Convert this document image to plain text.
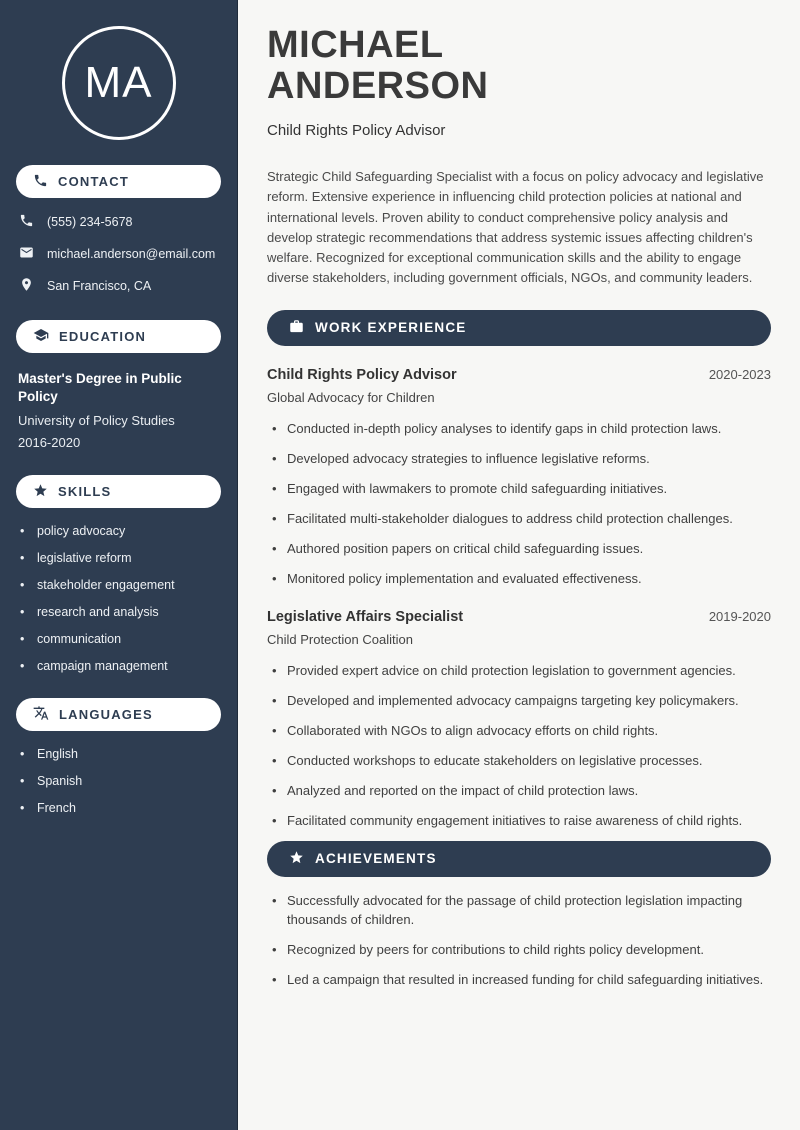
MA
CONTACT
(555) 234-5678
michael.anderson@email.com
San Francisco, CA
EDUCATION
Master's Degree in Public Policy
University of Policy Studies
2016-2020
SKILLS
• policy advocacy
• legislative reform
• stakeholder engagement
• research and analysis
• communication
• campaign management
LANGUAGES
• English
• Spanish
• French
MICHAEL
ANDERSON
Child Rights Policy Advisor

Strategic Child Safeguarding Specialist with a focus on policy advocacy and legislative reform. Extensive experience in influencing child protection policies at national and international levels. Proven ability to conduct comprehensive policy analysis and develop strategic recommendations that address systemic issues affecting children's welfare. Recognized for exceptional communication skills and the ability to engage diverse stakeholders, including government officials, NGOs, and community leaders.

WORK EXPERIENCE
Child Rights Policy Advisor	2020-2023
Global Advocacy for Children
• Conducted in-depth policy analyses to identify gaps in child protection laws.
• Developed advocacy strategies to influence legislative reforms.
• Engaged with lawmakers to promote child safeguarding initiatives.
• Facilitated multi-stakeholder dialogues to address child protection challenges.
• Authored position papers on critical child safeguarding issues.
• Monitored policy implementation and evaluated effectiveness.
Legislative Affairs Specialist	2019-2020
Child Protection Coalition
• Provided expert advice on child protection legislation to government agencies.
• Developed and implemented advocacy campaigns targeting key policymakers.
• Collaborated with NGOs to align advocacy efforts on child rights.
• Conducted workshops to educate stakeholders on legislative processes.
• Analyzed and reported on the impact of child protection laws.
• Facilitated community engagement initiatives to raise awareness of child rights.
ACHIEVEMENTS
• Successfully advocated for the passage of child protection legislation impacting thousands of children.
• Recognized by peers for contributions to child rights policy development.
• Led a campaign that resulted in increased funding for child safeguarding initiatives.
